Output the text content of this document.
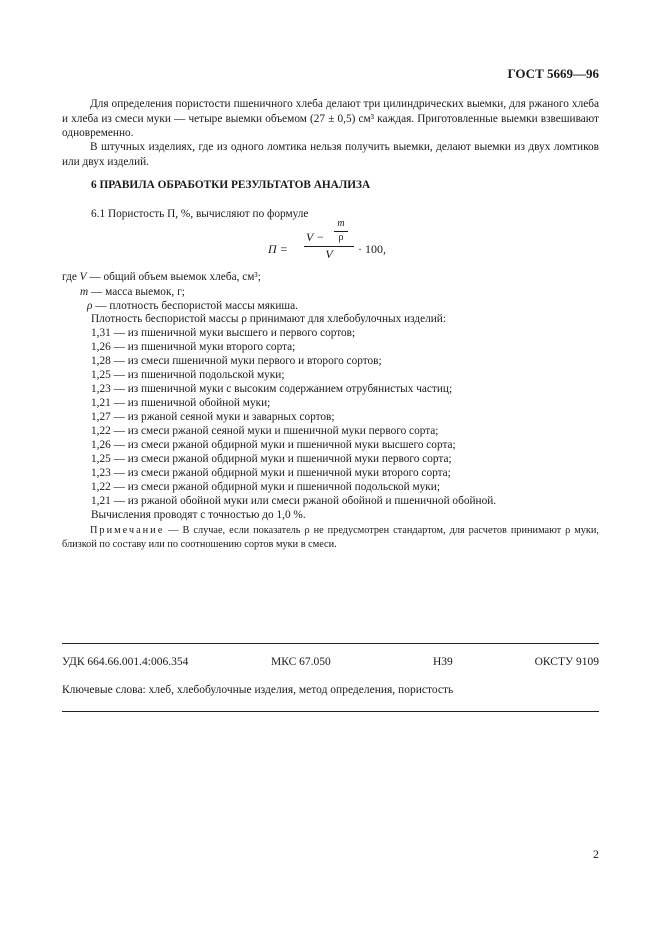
ГОСТ 5669—96
Для определения пористости пшеничного хлеба делают три цилиндрических выемки, для ржаного хлеба и хлеба из смеси муки — четыре выемки объемом (27 ± 0,5) см³ каждая. Приготовленные выемки взвешивают одновременно.
В штучных изделиях, где из одного ломтика нельзя получить выемки, делают выемки из двух ломтиков или двух изделий.
6 ПРАВИЛА ОБРАБОТКИ РЕЗУЛЬТАТОВ АНАЛИЗА
6.1 Пористость П, %, вычисляют по формуле
П =
V −
m
ρ
V	· 100,
где V — общий объем выемок хлеба, см³;
m — масса выемок, г;
ρ — плотность беспористой массы мякиша.
Плотность беспористой массы ρ принимают для хлебобулочных изделий:
1,31 — из пшеничной муки высшего и первого сортов;
1,26 — из пшеничной муки второго сорта;
1,28 — из смеси пшеничной муки первого и второго сортов;
1,25 — из пшеничной подольской муки;
1,23 — из пшеничной муки с высоким содержанием отрубянистых частиц;
1,21 — из пшеничной обойной муки;
1,27 — из ржаной сеяной муки и заварных сортов;
1,22 — из смеси ржаной сеяной муки и пшеничной муки первого сорта;
1,26 — из смеси ржаной обдирной муки и пшеничной муки высшего сорта;
1,25 — из смеси ржаной обдирной муки и пшеничной муки первого сорта;
1,23 — из смеси ржаной обдирной муки и пшеничной муки второго сорта;
1,22 — из смеси ржаной обдирной муки и пшеничной подольской муки;
1,21 — из ржаной обойной муки или смеси ржаной обойной и пшеничной обойной.
Вычисления проводят с точностью до 1,0 %.
Примечание — В случае, если показатель ρ не предусмотрен стандартом, для расчетов принимают ρ муки, близкой по составу или по соотношению сортов муки в смеси.
УДК 664.66.001.4:006.354	МКС 67.050	Н39	ОКСТУ 9109
Ключевые слова: хлеб, хлебобулочные изделия, метод определения, пористость
2
